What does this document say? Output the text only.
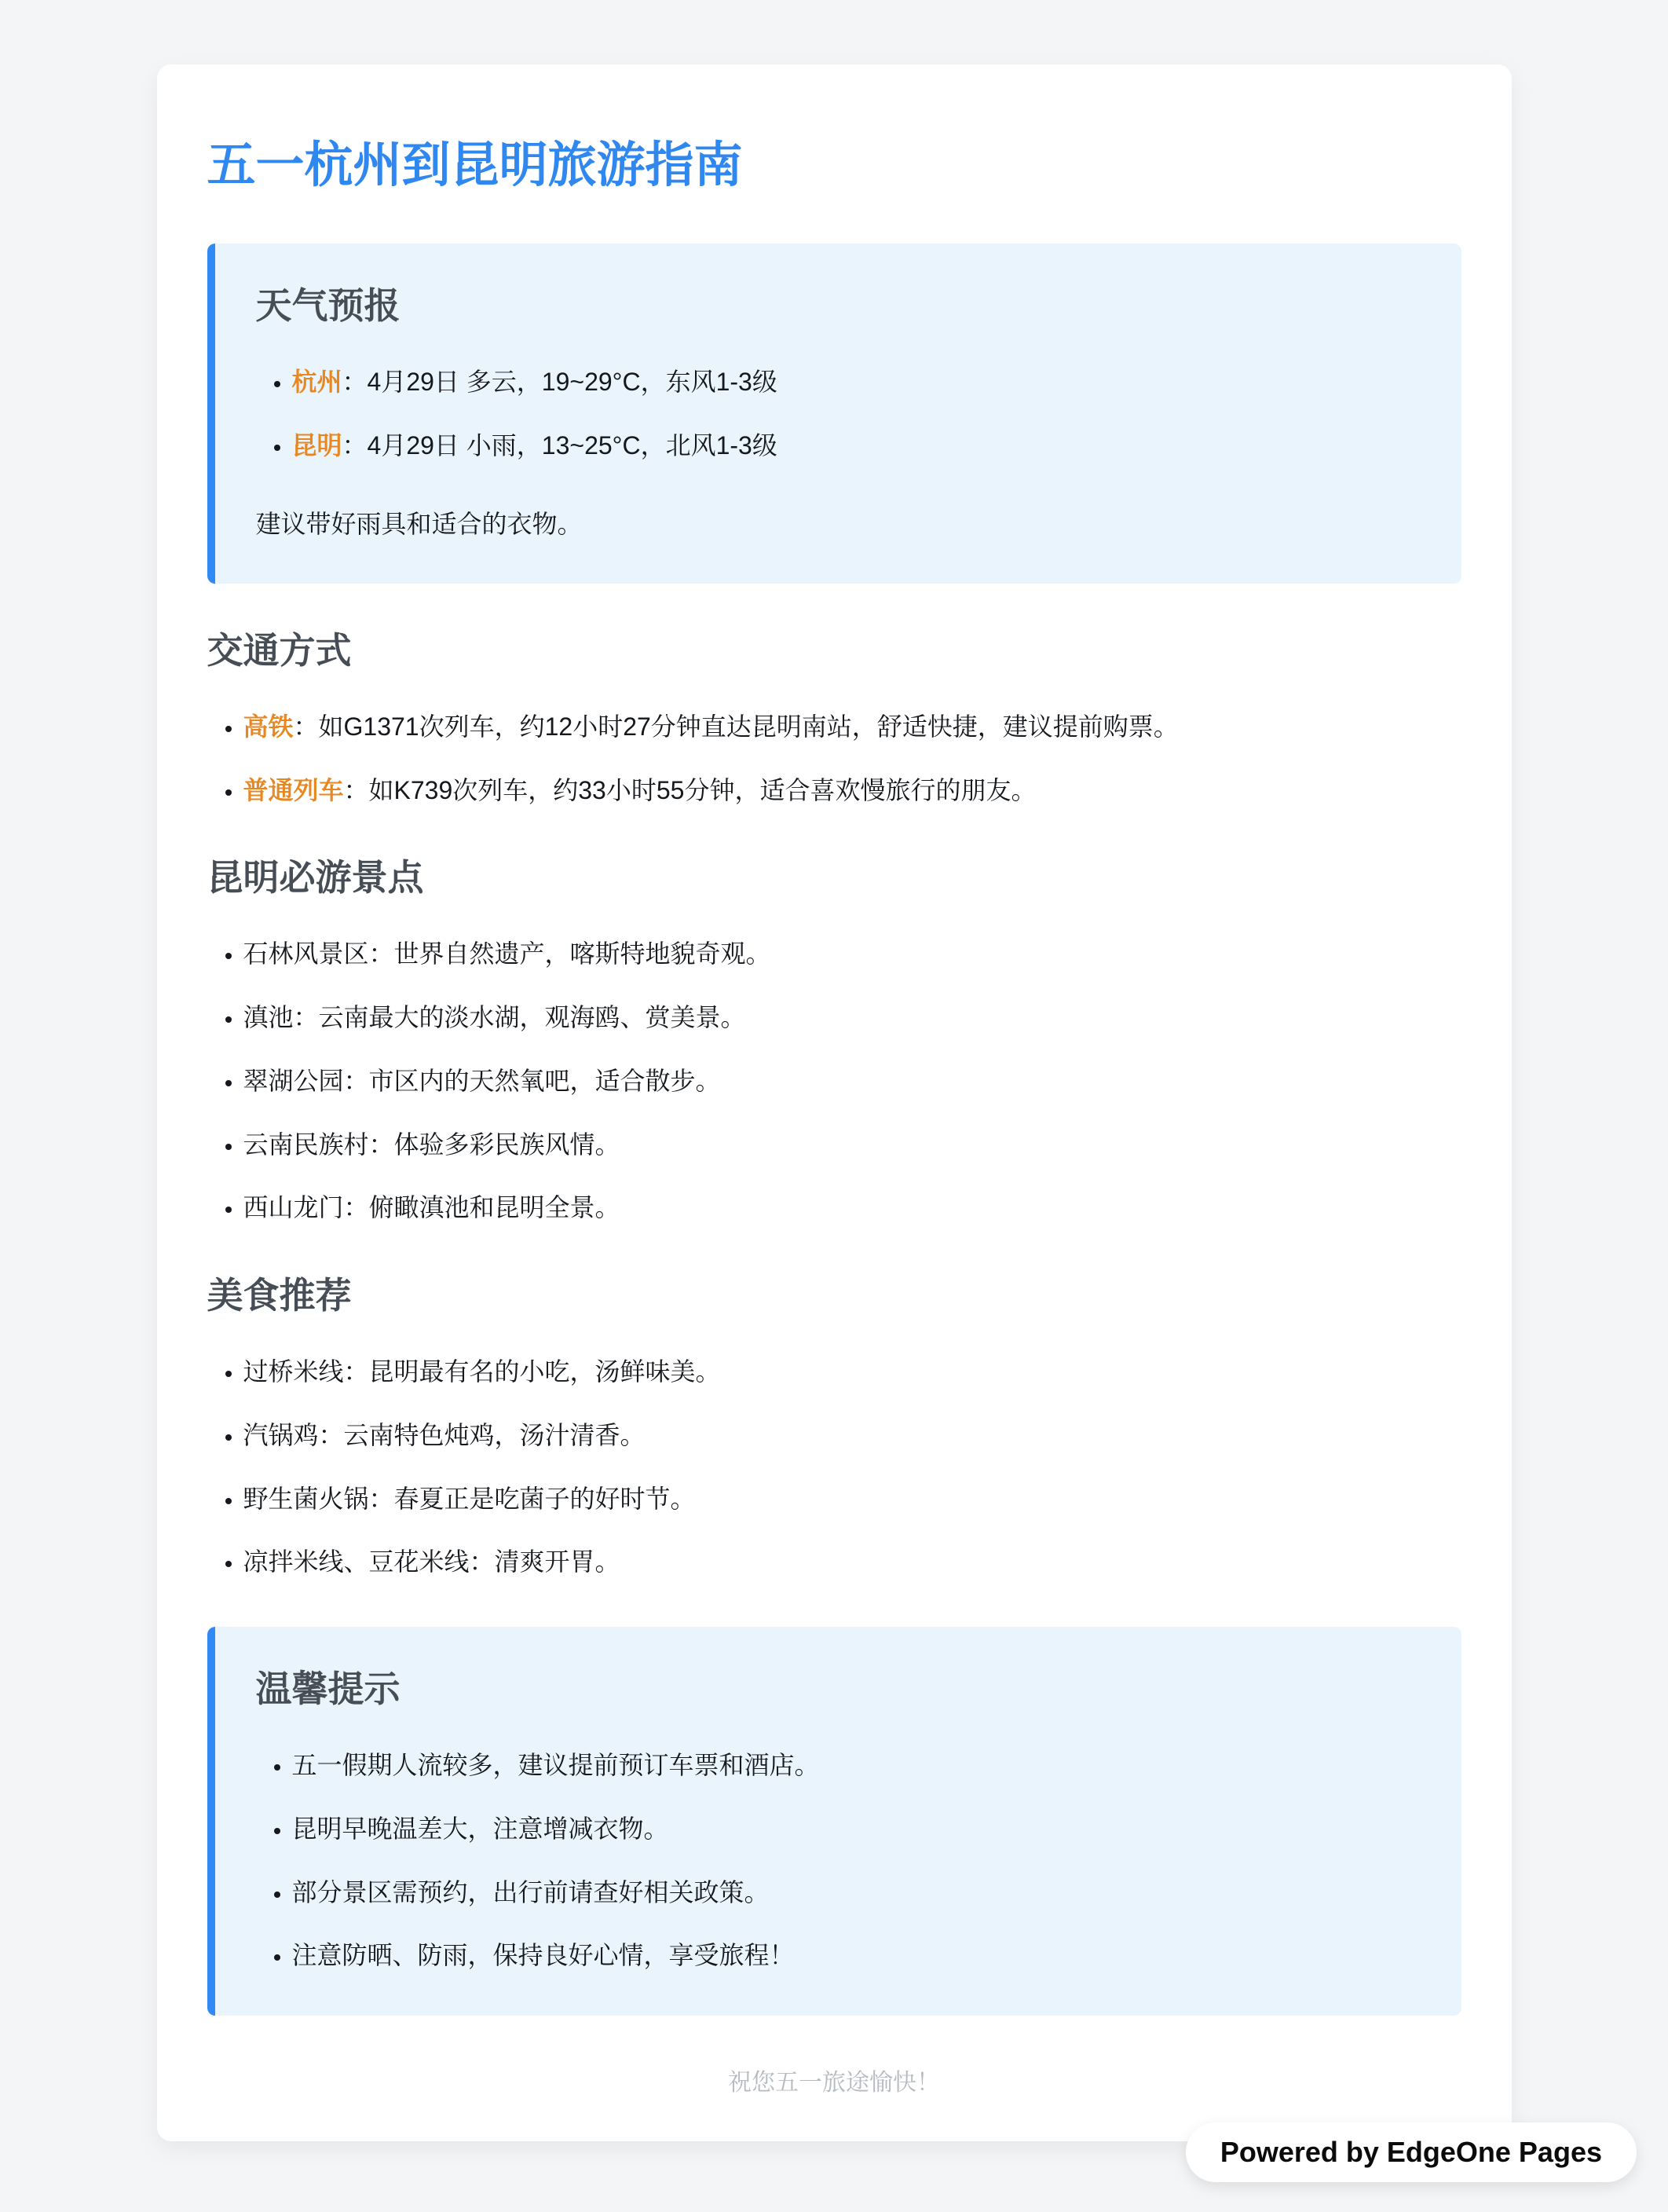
五一杭州到昆明旅游指南
天气预报
• 杭州：4月29日 多云，19~29°C，东风1-3级
• 昆明：4月29日 小雨，13~25°C，北风1-3级

建议带好雨具和适合的衣物。

交通方式
• 高铁：如G1371次列车，约12小时27分钟直达昆明南站，舒适快捷，建议提前购票。
• 普通列车：如K739次列车，约33小时55分钟，适合喜欢慢旅行的朋友。
昆明必游景点
• 石林风景区：世界自然遗产，喀斯特地貌奇观。
• 滇池：云南最大的淡水湖，观海鸥、赏美景。
• 翠湖公园：市区内的天然氧吧，适合散步。
• 云南民族村：体验多彩民族风情。
• 西山龙门：俯瞰滇池和昆明全景。
美食推荐
• 过桥米线：昆明最有名的小吃，汤鲜味美。
• 汽锅鸡：云南特色炖鸡，汤汁清香。
• 野生菌火锅：春夏正是吃菌子的好时节。
• 凉拌米线、豆花米线：清爽开胃。
温馨提示
• 五一假期人流较多，建议提前预订车票和酒店。
• 昆明早晚温差大，注意增减衣物。
• 部分景区需预约，出行前请查好相关政策。
• 注意防晒、防雨，保持良好心情，享受旅程！

祝您五一旅途愉快！

Powered by EdgeOne Pages
